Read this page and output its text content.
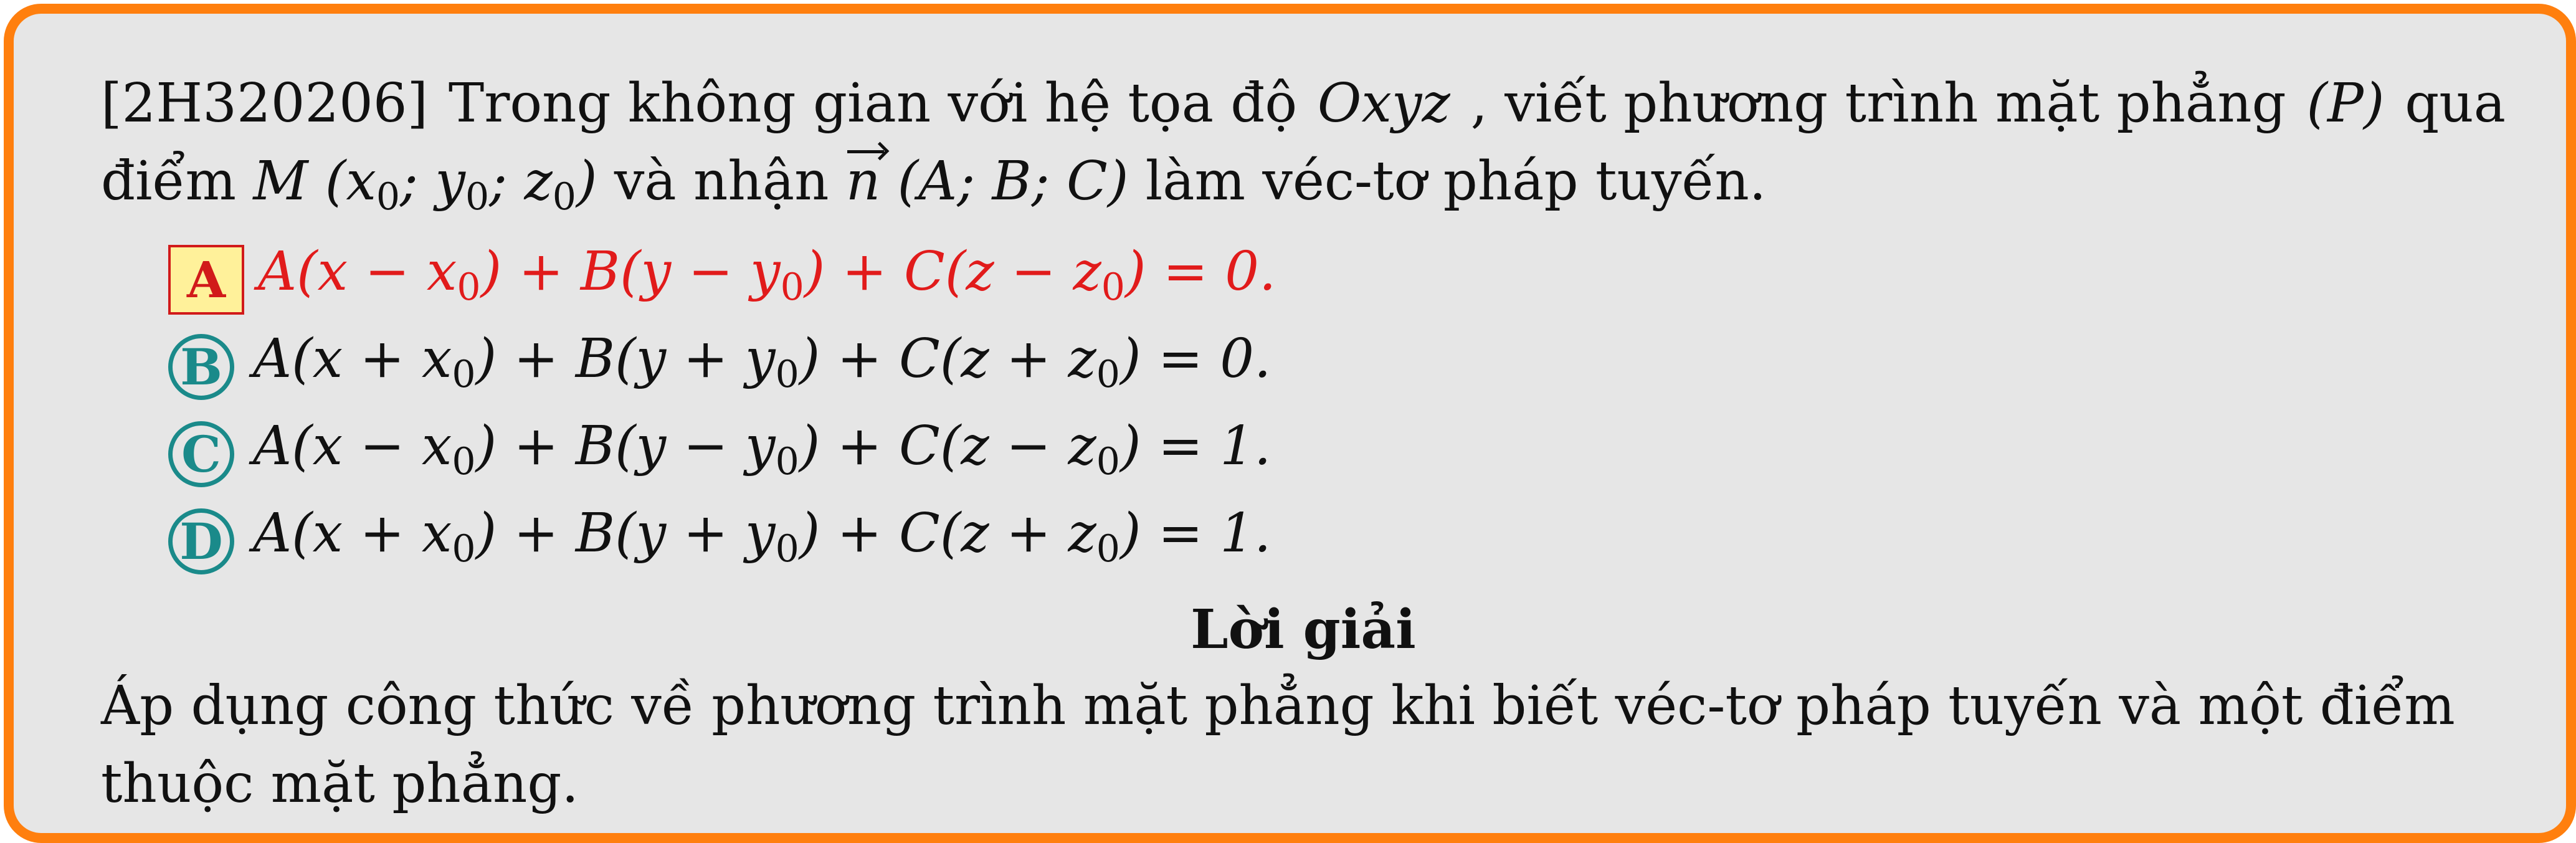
[2H320206] Trong không gian với hệ tọa độ Oxyz , viết phương trình mặt phẳng (P) qua
điểm M ($x_0$; $y_0$; $z_0$) và nhận n (A; B; C) làm véc-tơ pháp tuyến.
A $A(x - x_0) + B(y - y_0) + C(z - z_0) = 0$.
B $A(x + x_0) + B(y + y_0) + C(z + z_0) = 0$.
C $A(x - x_0) + B(y - y_0) + C(z - z_0) = 1$.
D $A(x + x_0) + B(y + y_0) + C(z + z_0) = 1$.
Lời giải
Áp dụng công thức về phương trình mặt phẳng khi biết véc-tơ pháp tuyến và một điểm thuộc mặt phẳng.
